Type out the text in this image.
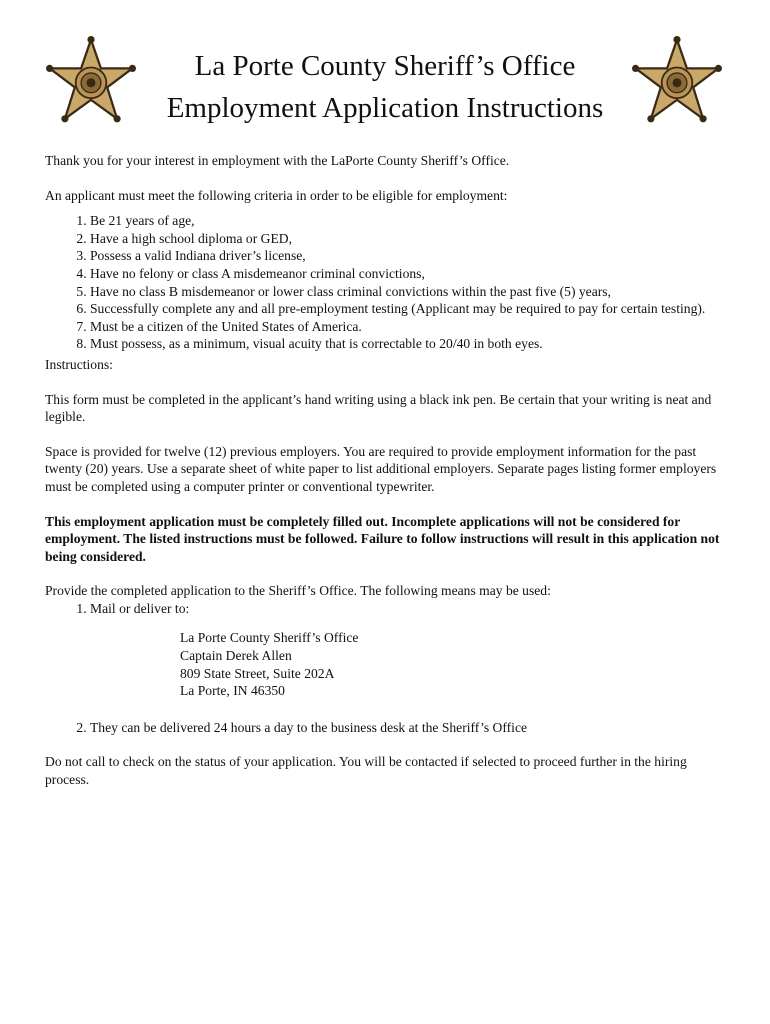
La Porte County Sheriff’s Office
Employment Application Instructions

Thank you for your interest in employment with the LaPorte County Sheriff’s Office.

An applicant must meet the following criteria in order to be eligible for employment:

1. Be 21 years of age,
2. Have a high school diploma or GED,
3. Possess a valid Indiana driver’s license,
4. Have no felony or class A misdemeanor criminal convictions,
5. Have no class B misdemeanor or lower class criminal convictions within the past five (5) years,
6. Successfully complete any and all pre-employment testing (Applicant may be required to pay for certain testing).
7. Must be a citizen of the United States of America.
8. Must possess, as a minimum, visual acuity that is correctable to 20/40 in both eyes.

Instructions:

This form must be completed in the applicant’s hand writing using a black ink pen. Be certain that your writing is neat and legible.

Space is provided for twelve (12) previous employers. You are required to provide employment information for the past twenty (20) years. Use a separate sheet of white paper to list additional employers. Separate pages listing former employers must be completed using a computer printer or conventional typewriter.

This employment application must be completely filled out. Incomplete applications will not be considered for employment. The listed instructions must be followed. Failure to follow instructions will result in this application not being considered.

Provide the completed application to the Sheriff’s Office. The following means may be used:

1. Mail or deliver to:
La Porte County Sheriff’s Office
Captain Derek Allen
809 State Street, Suite 202A
La Porte, IN 46350
2. They can be delivered 24 hours a day to the business desk at the Sheriff’s Office

Do not call to check on the status of your application. You will be contacted if selected to proceed further in the hiring process.
